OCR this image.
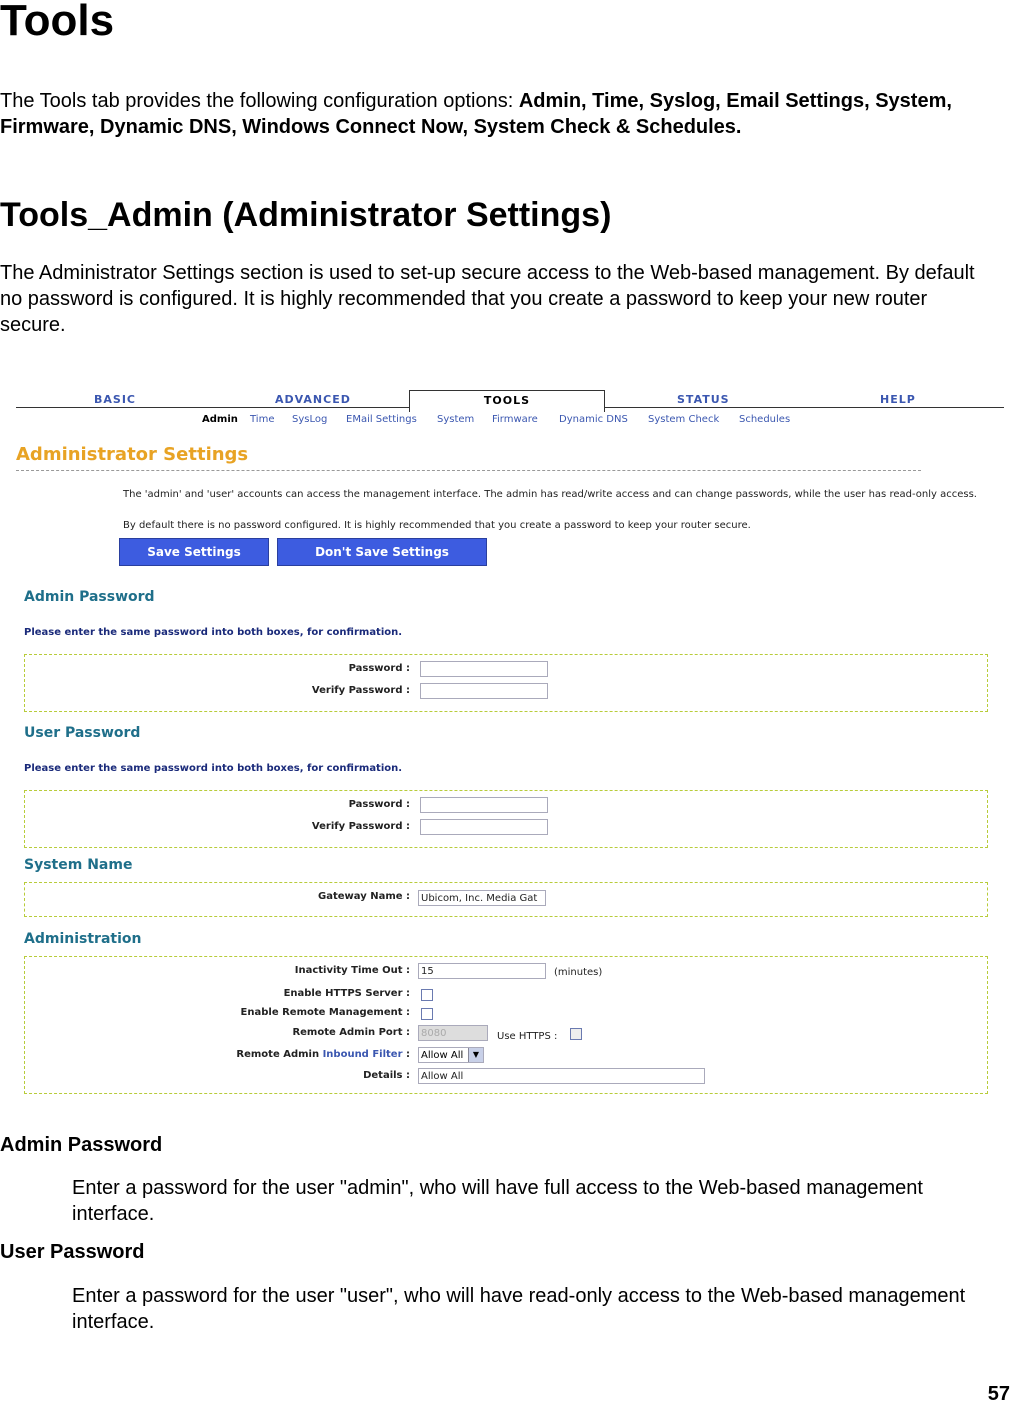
Tools

The Tools tab provides the following configuration options: Admin, Time, Syslog, Email Settings, System, Firmware, Dynamic DNS, Windows Connect Now, System Check & Schedules.

Tools_Admin (Administrator Settings)

The Administrator Settings section is used to set-up secure access to the Web-based management. By default no password is configured. It is highly recommended that you create a password to keep your new router secure.

BASIC	ADVANCED	TOOLS	STATUS	HELP
Admin Time SysLog EMail Settings System Firmware Dynamic DNS System Check Schedules
Administrator Settings
The 'admin' and 'user' accounts can access the management interface. The admin has read/write access and can change passwords, while the user has read-only access.
By default there is no password configured. It is highly recommended that you create a password to keep your router secure.
Save Settings	Don't Save Settings
Admin Password
Please enter the same password into both boxes, for confirmation.
Password :
Verify Password :
User Password
Please enter the same password into both boxes, for confirmation.
Password :
Verify Password :
System Name
Gateway Name :	Ubicom, Inc. Media Gat
Administration
Inactivity Time Out :	15	(minutes)
Enable HTTPS Server :
Enable Remote Management :
Remote Admin Port :	8080	Use HTTPS :
Remote Admin Inbound Filter :	Allow All	▼
Details :	Allow All
Admin Password
Enter a password for the user "admin", who will have full access to the Web-based management interface.
User Password
Enter a password for the user "user", who will have read-only access to the Web-based management interface.
57
